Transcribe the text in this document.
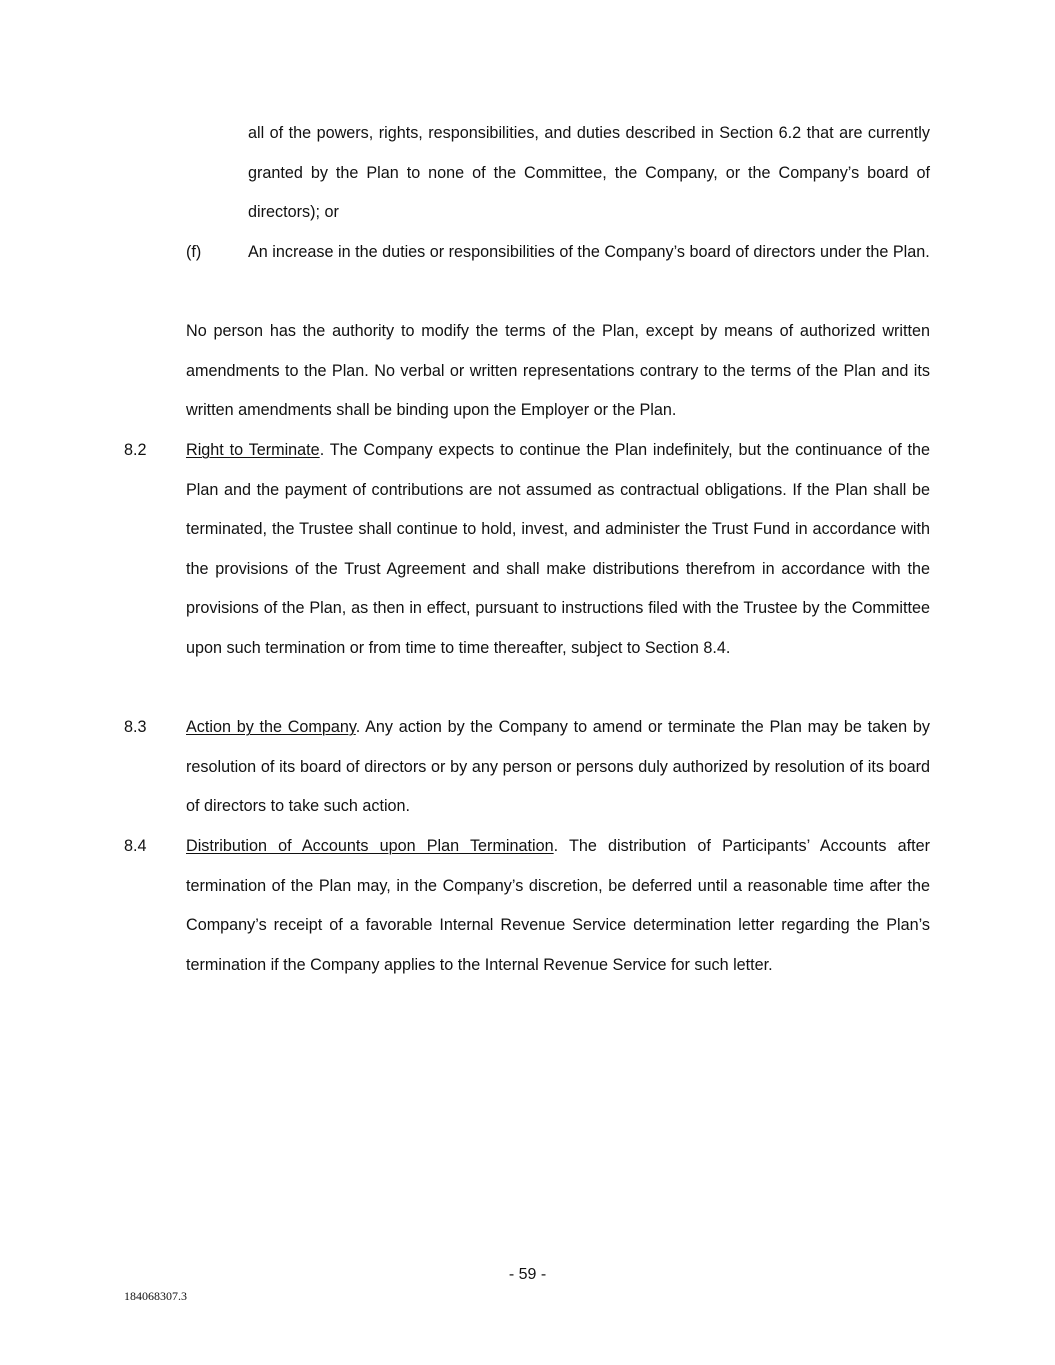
all of the powers, rights, responsibilities, and duties described in Section 6.2 that are currently granted by the Plan to none of the Committee, the Company, or the Company’s board of directors); or

(f)	An increase in the duties or responsibilities of the Company’s board of directors under the Plan.

No person has the authority to modify the terms of the Plan, except by means of authorized written amendments to the Plan. No verbal or written representations contrary to the terms of the Plan and its written amendments shall be binding upon the Employer or the Plan.

8.2 Right to Terminate. The Company expects to continue the Plan indefinitely, but the continuance of the Plan and the payment of contributions are not assumed as contractual obligations. If the Plan shall be terminated, the Trustee shall continue to hold, invest, and administer the Trust Fund in accordance with the provisions of the Trust Agreement and shall make distributions therefrom in accordance with the provisions of the Plan, as then in effect, pursuant to instructions filed with the Trustee by the Committee upon such termination or from time to time thereafter, subject to Section 8.4.

8.3 Action by the Company. Any action by the Company to amend or terminate the Plan may be taken by resolution of its board of directors or by any person or persons duly authorized by resolution of its board of directors to take such action.

8.4 Distribution of Accounts upon Plan Termination. The distribution of Participants’ Accounts after termination of the Plan may, in the Company’s discretion, be deferred until a reasonable time after the Company’s receipt of a favorable Internal Revenue Service determination letter regarding the Plan’s termination if the Company applies to the Internal Revenue Service for such letter.

- 59 -
184068307.3
